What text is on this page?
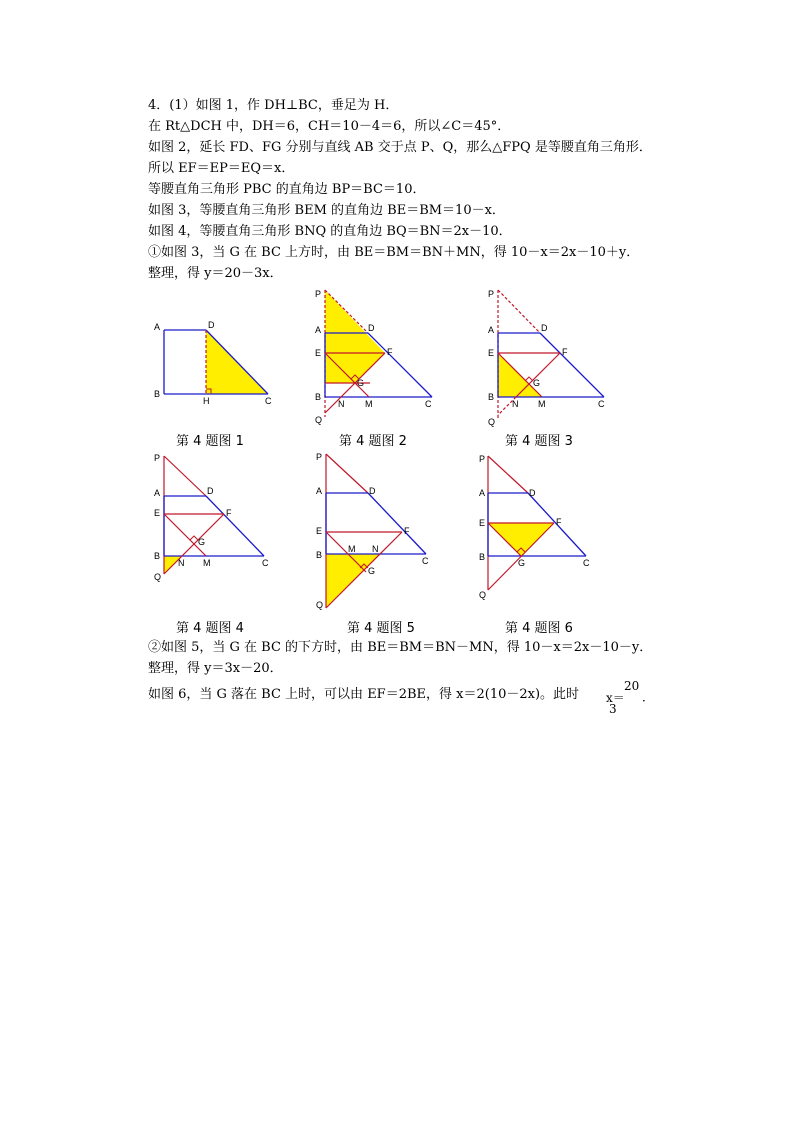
4．(1）如图 1，作 DH⊥BC，垂足为 H．
在 Rt△DCH 中，DH＝6，CH＝10－4＝6，所以∠C＝45°．
如图 2，延长 FD、FG 分别与直线 AB 交于点 P、Q，那么△FPQ 是等腰直角三角形．
所以 EF＝EP＝EQ＝x．
等腰直角三角形 PBC 的直角边 BP＝BC＝10．
如图 3，等腰直角三角形 BEM 的直角边 BE＝BM＝10－x．
如图 4，等腰直角三角形 BNQ 的直角边 BQ＝BN＝2x－10．
①如图 3，当 G 在 BC 上方时，由 BE＝BM＝BN＋MN，得 10－x＝2x－10＋y．
整理，得 y＝20－3x．
A	D
B
H	C
P
A	D
E	F
G
B
N M	C
Q
P
A	D
E	F
G
B
N M	C
Q
第 4 题图 1	第 4 题图 2	第 4 题图 3
P
A	D
E	F
G
B
N M	C
Q
P
A	D
E	F
B
M N
C
G
Q
P
A	D
E	F
B
G	C
Q
第 4 题图 4	第 4 题图 5	第 4 题图 6
②如图 5，当 G 在 BC 的下方时，由 BE＝BM＝BN－MN，得 10－x＝2x－10－y．
整理，得 y＝3x－20．
如图 6，当 G 落在 BC 上时，可以由 EF＝2BE，得 x＝2(10－2x)。此时 x＝
20
3
．
